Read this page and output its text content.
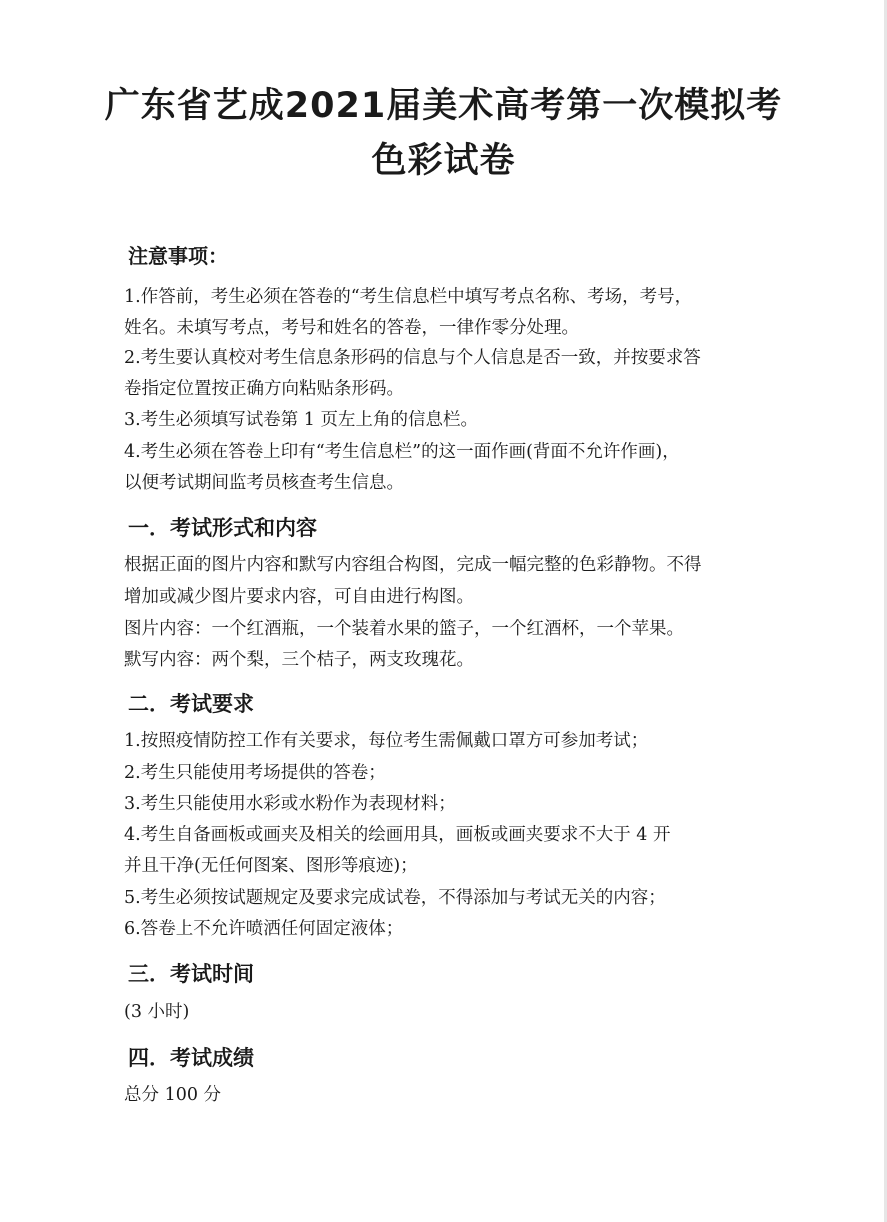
广东省艺成2021届美术高考第一次模拟考
色彩试卷
注意事项：

1.作答前，考生必须在答卷的“考生信息栏中填写考点名称、考场，考号，

姓名。未填写考点，考号和姓名的答卷，一律作零分处理。

2.考生要认真校对考生信息条形码的信息与个人信息是否一致，并按要求答

卷指定位置按正确方向粘贴条形码。

3.考生必须填写试卷第 1 页左上角的信息栏。

4.考生必须在答卷上印有“考生信息栏”的这一面作画(背面不允许作画)，

以便考试期间监考员核查考生信息。

一．考试形式和内容

根据正面的图片内容和默写内容组合构图，完成一幅完整的色彩静物。不得

增加或减少图片要求内容，可自由进行构图。

图片内容：一个红酒瓶，一个装着水果的篮子，一个红酒杯，一个苹果。

默写内容：两个梨，三个桔子，两支玫瑰花。

二．考试要求

1.按照疫情防控工作有关要求，每位考生需佩戴口罩方可参加考试；

2.考生只能使用考场提供的答卷；

3.考生只能使用水彩或水粉作为表现材料；

4.考生自备画板或画夹及相关的绘画用具，画板或画夹要求不大于 4 开

并且干净(无任何图案、图形等痕迹)；

5.考生必须按试题规定及要求完成试卷，不得添加与考试无关的内容；

6.答卷上不允许喷洒任何固定液体；

三．考试时间

(3 小时)

四．考试成绩

总分 100 分
